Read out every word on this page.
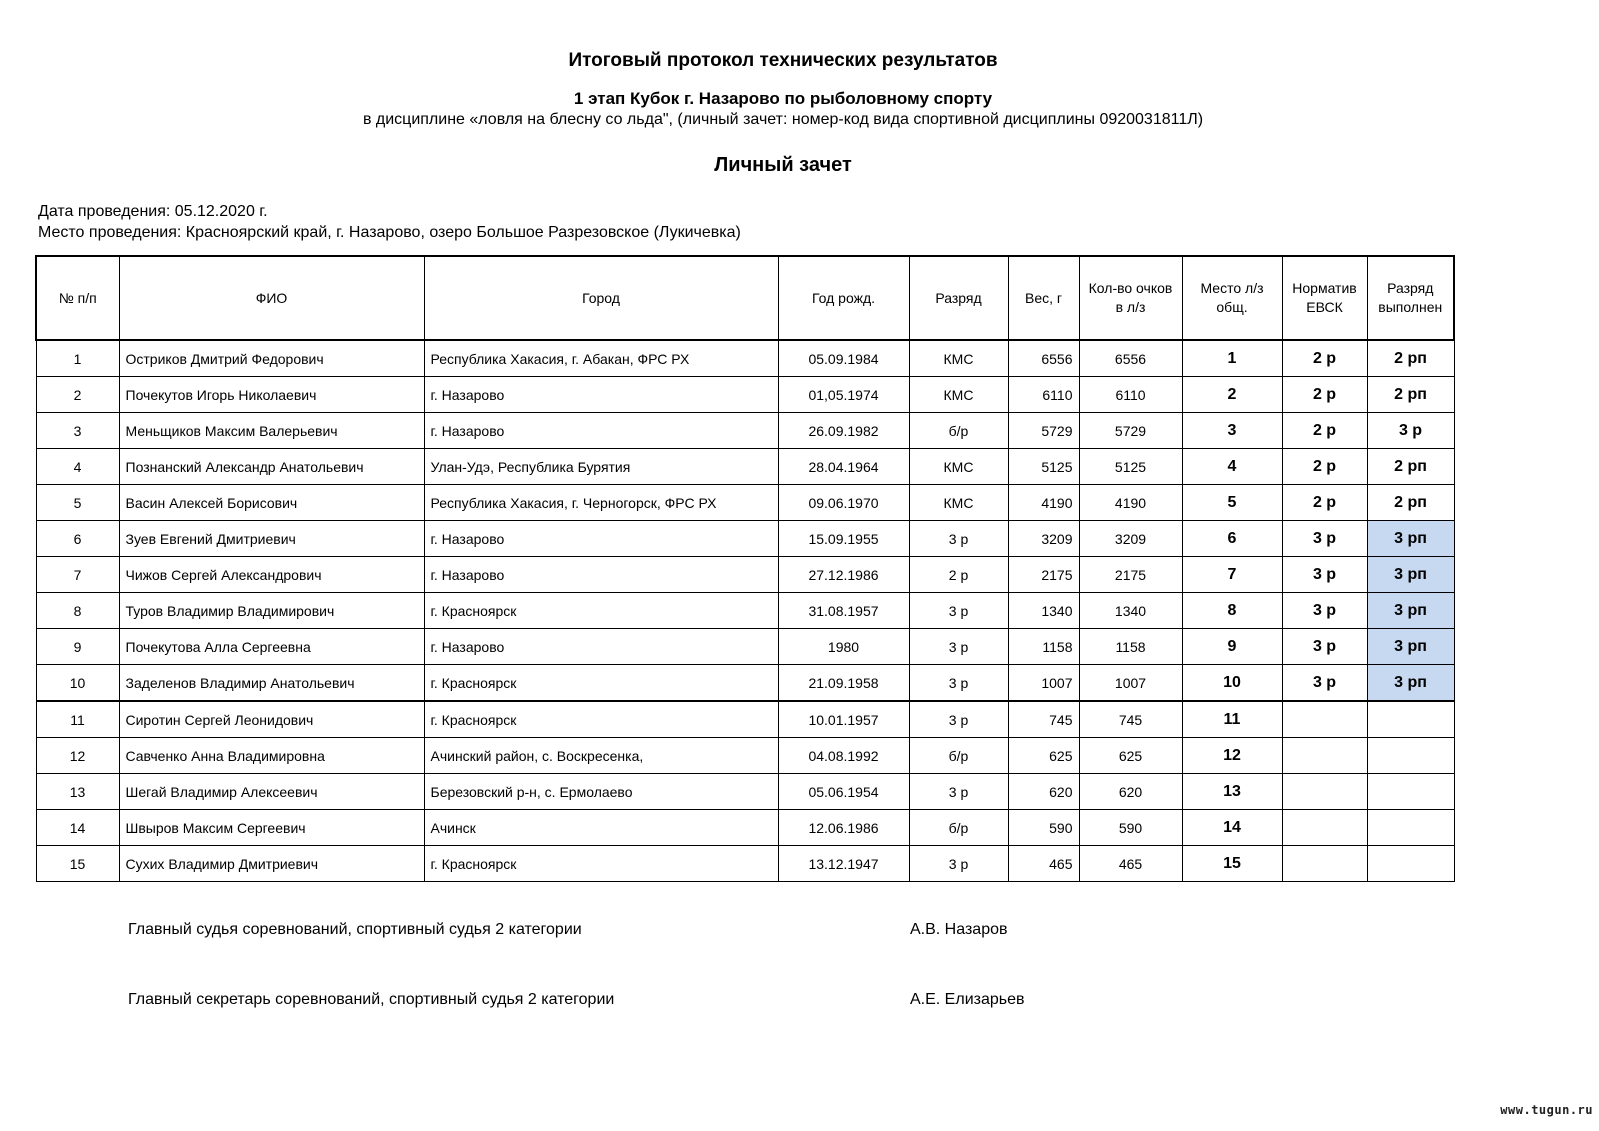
Итоговый протокол технических результатов
1 этап Кубок г. Назарово по рыболовному спорту
в дисциплине «ловля на блесну со льда", (личный зачет: номер-код вида спортивной дисциплины 0920031811Л)
Личный зачет
Дата проведения: 05.12.2020 г.
Место проведения: Красноярский край, г. Назарово, озеро Большое Разрезовское (Лукичевка)
№ п/п	ФИО	Город	Год рожд.	Разряд	Вес, г	Кол-во очков в л/з	Место л/з общ.	Норматив ЕВСК	Разряд выполнен
1	Остриков Дмитрий Федорович	Республика Хакасия, г. Абакан, ФРС РХ	05.09.1984	КМС	6556	6556	1	2 р	2 рп
2	Почекутов Игорь Николаевич	г. Назарово	01,05.1974	КМС	6110	6110	2	2 р	2 рп
3	Меньщиков Максим Валерьевич	г. Назарово	26.09.1982	б/р	5729	5729	3	2 р	3 р
4	Познанский Александр Анатольевич	Улан-Удэ, Республика Бурятия	28.04.1964	КМС	5125	5125	4	2 р	2 рп
5	Васин Алексей Борисович	Республика Хакасия, г. Черногорск, ФРС РХ	09.06.1970	КМС	4190	4190	5	2 р	2 рп
6	Зуев Евгений Дмитриевич	г. Назарово	15.09.1955	3 р	3209	3209	6	3 р	3 рп
7	Чижов Сергей Александрович	г. Назарово	27.12.1986	2 р	2175	2175	7	3 р	3 рп
8	Туров Владимир Владимирович	г. Красноярск	31.08.1957	3 р	1340	1340	8	3 р	3 рп
9	Почекутова Алла Сергеевна	г. Назарово	1980	3 р	1158	1158	9	3 р	3 рп
10	Заделенов Владимир Анатольевич	г. Красноярск	21.09.1958	3 р	1007	1007	10	3 р	3 рп
11	Сиротин Сергей Леонидович	г. Красноярск	10.01.1957	3 р	745	745	11		
12	Савченко Анна Владимировна	Ачинский район, с. Воскресенка,	04.08.1992	б/р	625	625	12		
13	Шегай Владимир Алексеевич	Березовский р-н, с. Ермолаево	05.06.1954	3 р	620	620	13		
14	Швыров Максим Сергеевич	Ачинск	12.06.1986	б/р	590	590	14		
15	Сухих Владимир Дмитриевич	г. Красноярск	13.12.1947	3 р	465	465	15		
Главный судья соревнований, спортивный судья 2 категории	А.В. Назаров
Главный секретарь соревнований, спортивный судья 2 категории	А.Е. Елизарьев
www.tugun.ru
